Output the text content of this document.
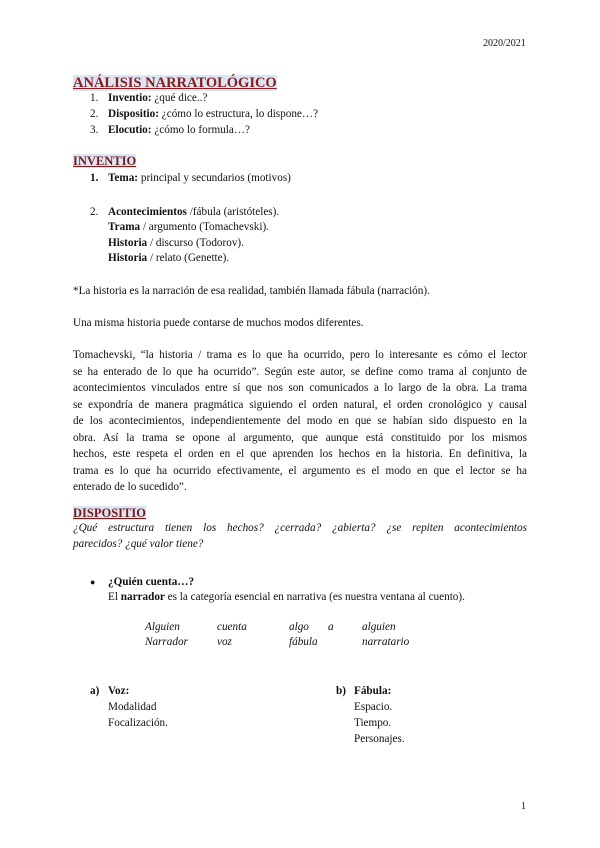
2020/2021
ANÁLISIS NARRATOLÓGICO
1. Inventio: ¿qué dice..?
2. Dispositio: ¿cómo lo estructura, lo dispone…?
3. Elocutio: ¿cómo lo formula…?
INVENTIO
1. Tema: principal y secundarios (motivos)
2. Acontecimientos /fábula (aristóteles).
Trama / argumento (Tomachevski).
Historia / discurso (Todorov).
Historia / relato (Genette).
*La historia es la narración de esa realidad, también llamada fábula (narración).
Una misma historia puede contarse de muchos modos diferentes.
Tomachevski, “la historia / trama es lo que ha ocurrido, pero lo interesante es cómo el lector
se ha enterado de lo que ha ocurrido”. Según este autor, se define como trama al conjunto de
acontecimientos vinculados entre sí que nos son comunicados a lo largo de la obra. La trama
se expondría de manera pragmática siguiendo el orden natural, el orden cronológico y causal
de los acontecimientos, independientemente del modo en que se habían sido dispuesto en la
obra. Así la trama se opone al argumento, que aunque está constituido por los mismos
hechos, este respeta el orden en el que aprenden los hechos en la historia. En definitiva, la
trama es lo que ha ocurrido efectivamente, el argumento es el modo en que el lector se ha
enterado de lo sucedido”.
DISPOSITIO
¿Qué estructura tienen los hechos? ¿cerrada? ¿abierta? ¿se repiten acontecimientos
parecidos? ¿qué valor tiene?
● ¿Quién cuenta…?
El narrador es la categoría esencial en narrativa (es nuestra ventana al cuento).
Alguien	cuenta	algo a	alguien
Narrador	voz	fábula	narratario
a) Voz:
Modalidad
Focalización.
b) Fábula:
Espacio.
Tiempo.
Personajes.
1
